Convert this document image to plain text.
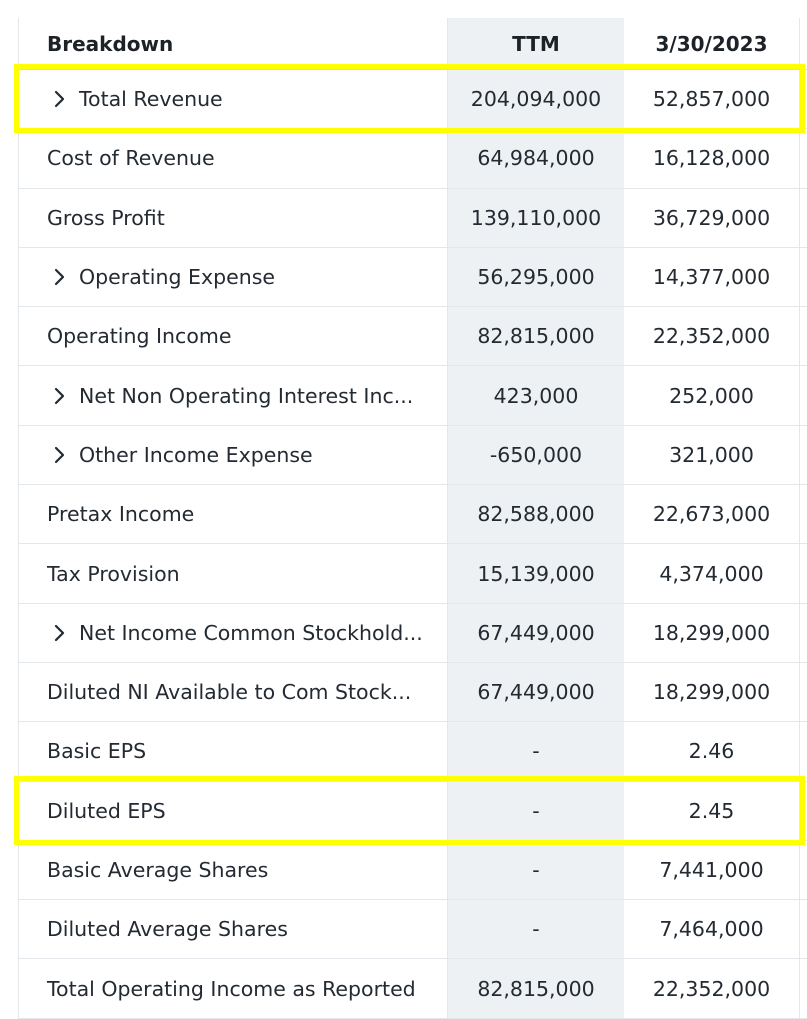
Breakdown	TTM	3/30/2023
Total Revenue	204,094,000	52,857,000
Cost of Revenue	64,984,000	16,128,000
Gross Profit	139,110,000	36,729,000
Operating Expense	56,295,000	14,377,000
Operating Income	82,815,000	22,352,000
Net Non Operating Interest Inc...	423,000	252,000
Other Income Expense	-650,000	321,000
Pretax Income	82,588,000	22,673,000
Tax Provision	15,139,000	4,374,000
Net Income Common Stockhold...	67,449,000	18,299,000
Diluted NI Available to Com Stock...	67,449,000	18,299,000
Basic EPS	-	2.46
Diluted EPS	-	2.45
Basic Average Shares	-	7,441,000
Diluted Average Shares	-	7,464,000
Total Operating Income as Reported	82,815,000	22,352,000
